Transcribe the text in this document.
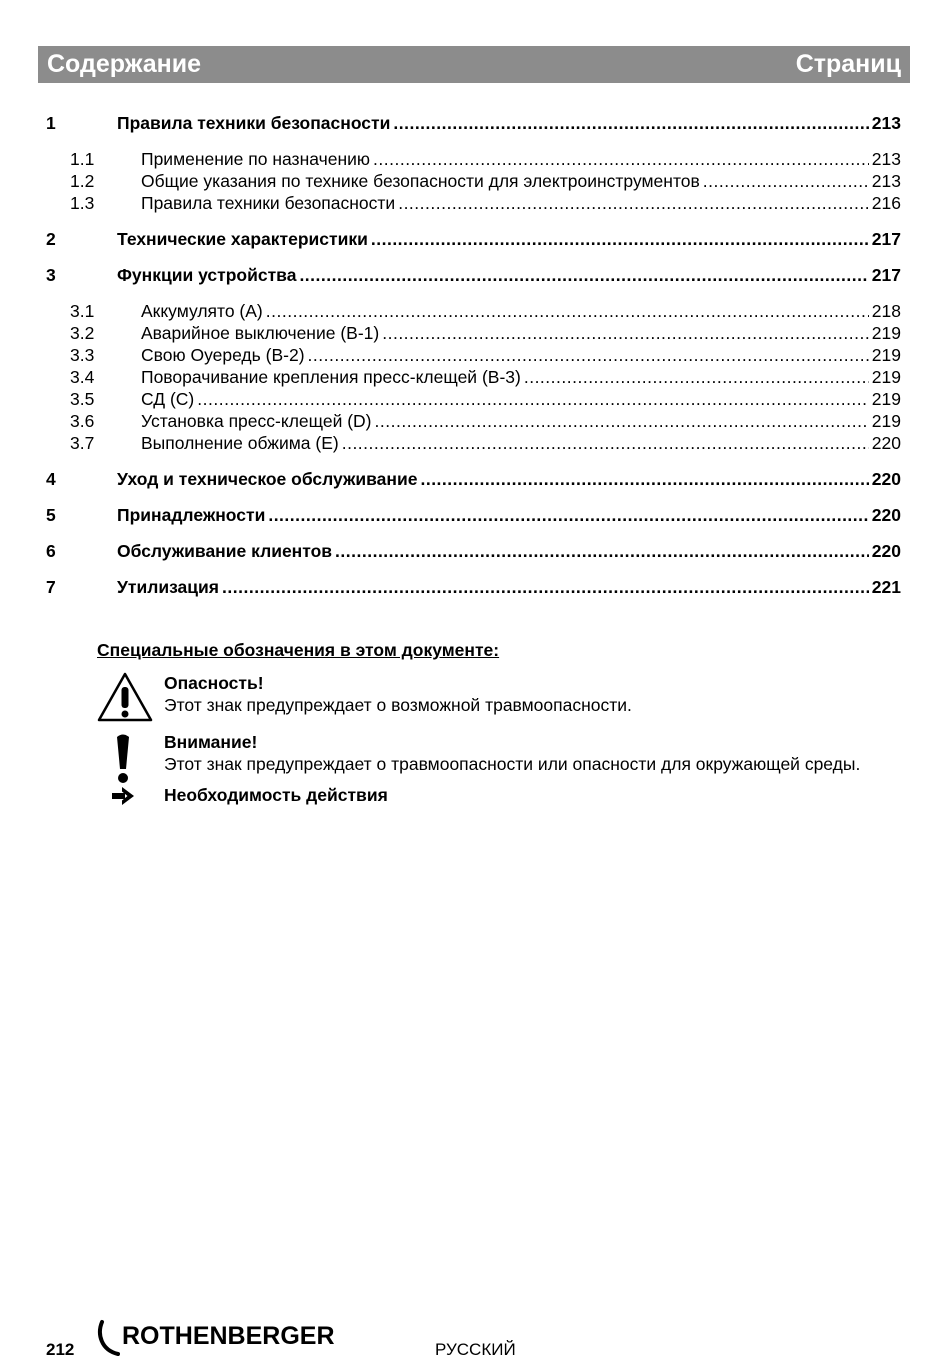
Содержание	Страниц
1	Правила техники безопасности .....	213
1.1	Применение по назначению .....	213
1.2	Общие указания по технике безопасности для электроинструментов .....	213
1.3	Правила техники безопасности .....	216
2	Технические характеристики .....	217
3	Функции устройства .....	217
3.1	Аккумулято (A) .....	218
3.2	Аварийное выключение (B-1) .....	219
3.3	Свою Оуередь (B-2) .....	219
3.4	Поворачивание крепления пресс-клещей (B-3) .....	219
3.5	СД (C) .....	219
3.6	Установка пресс-клещей (D) .....	219
3.7	Выполнение обжима (E) .....	220
4	Уход и техническое обслуживание .....	220
5	Принадлежности .....	220
6	Обслуживание клиентов .....	220
7	Утилизация .....	221
Специальные обозначения в этом документе:
Опасность!
Этот знак предупреждает о возможной травмоопасности.
Внимание!
Этот знак предупреждает о травмоопасности или опасности для окружающей среды.
Необходимость действия
212 ROTHENBERGER	РУССКИЙ
